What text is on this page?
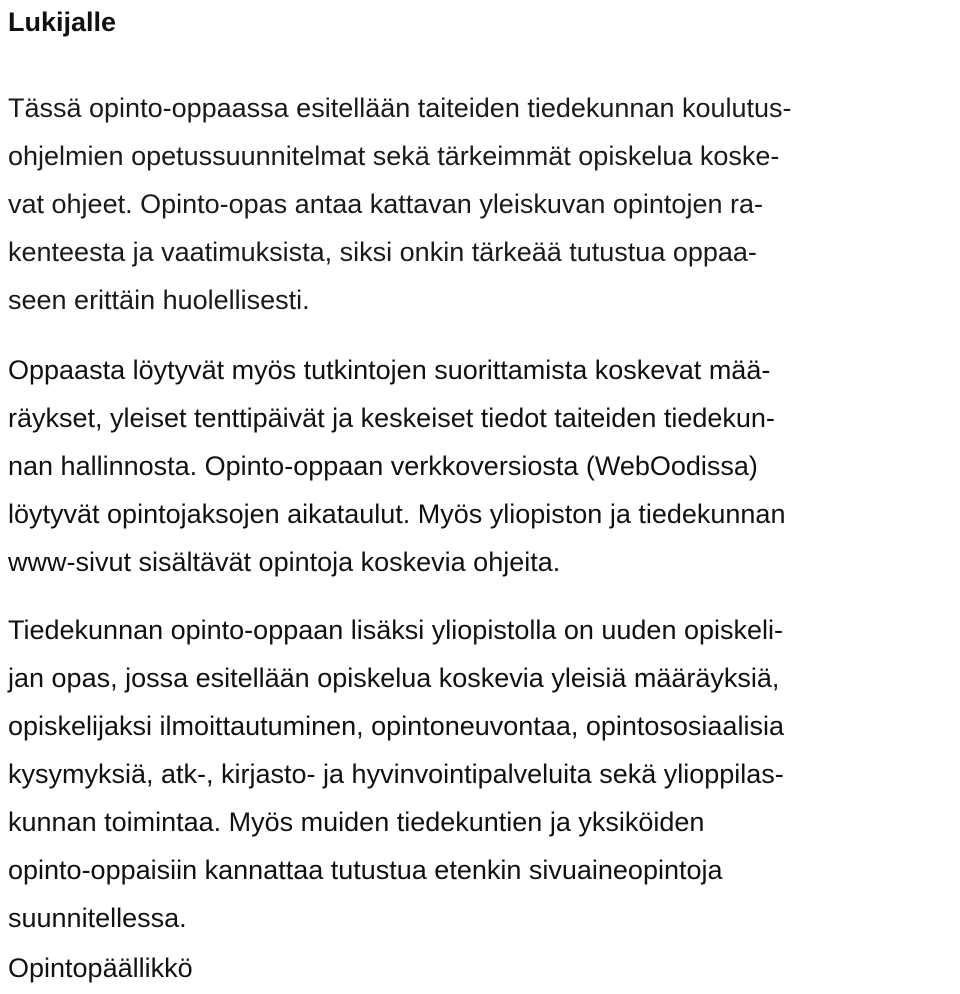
Lukijalle
Tässä opinto-oppaassa esitellään taiteiden tiedekunnan koulutus-
ohjelmien opetussuunnitelmat sekä tärkeimmät opiskelua koske-
vat ohjeet. Opinto-opas antaa kattavan yleiskuvan opintojen ra-
kenteesta ja vaatimuksista, siksi onkin tärkeää tutustua oppaa-
seen erittäin huolellisesti.
Oppaasta löytyvät myös tutkintojen suorittamista koskevat mää-
räykset, yleiset tenttipäivät ja keskeiset tiedot taiteiden tiedekun-
nan hallinnosta. Opinto-oppaan verkkoversiosta (WebOodissa)
löytyvät opintojaksojen aikataulut. Myös yliopiston ja tiedekunnan
www-sivut sisältävät opintoja koskevia ohjeita.
Tiedekunnan opinto-oppaan lisäksi yliopistolla on uuden opiskeli-
jan opas, jossa esitellään opiskelua koskevia yleisiä määräyksiä,
opiskelijaksi ilmoittautuminen, opintoneuvontaa, opintososiaalisia
kysymyksiä, atk-, kirjasto- ja hyvinvointipalveluita sekä ylioppilas-
kunnan toimintaa. Myös muiden tiedekuntien ja yksiköiden
opinto-oppaisiin kannattaa tutustua etenkin sivuaineopintoja
suunnitellessa.
Opintopäällikkö
